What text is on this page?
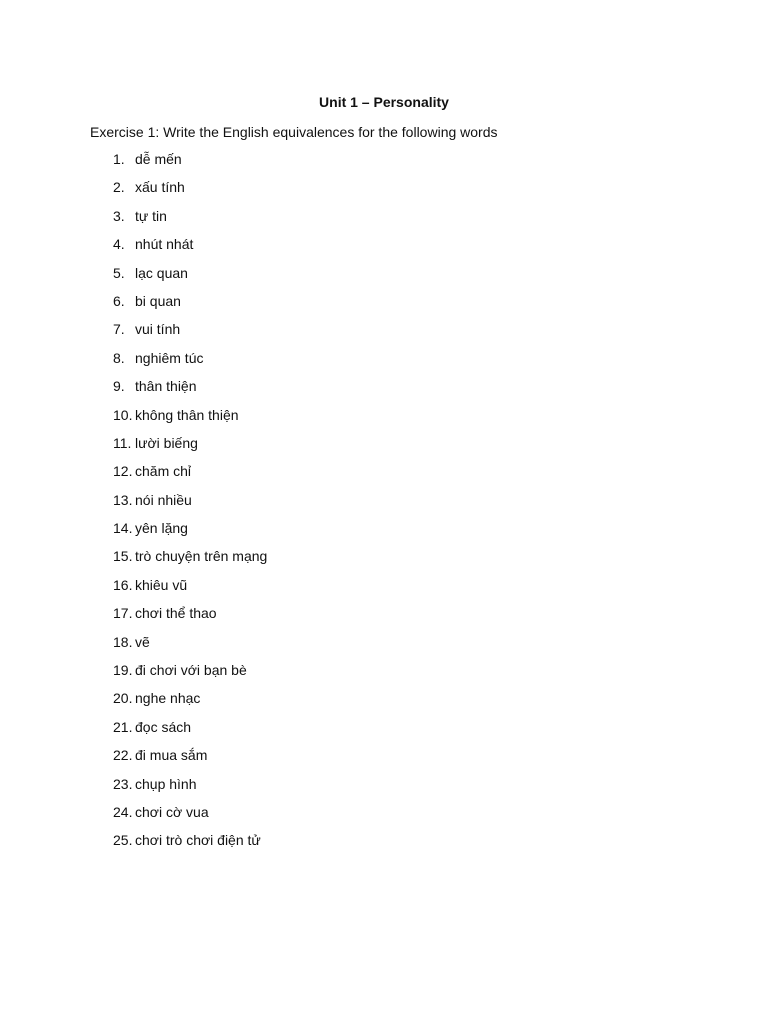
Unit 1 – Personality
Exercise 1: Write the English equivalences for the following words
1. dễ mến
2. xấu tính
3. tự tin
4. nhút nhát
5. lạc quan
6. bi quan
7. vui tính
8. nghiêm túc
9. thân thiện
10. không thân thiện
11. lười biếng
12. chăm chỉ
13. nói nhiều
14. yên lặng
15. trò chuyện trên mạng
16. khiêu vũ
17. chơi thể thao
18. vẽ
19. đi chơi với bạn bè
20. nghe nhạc
21. đọc sách
22. đi mua sắm
23. chụp hình
24. chơi cờ vua
25. chơi trò chơi điện tử
